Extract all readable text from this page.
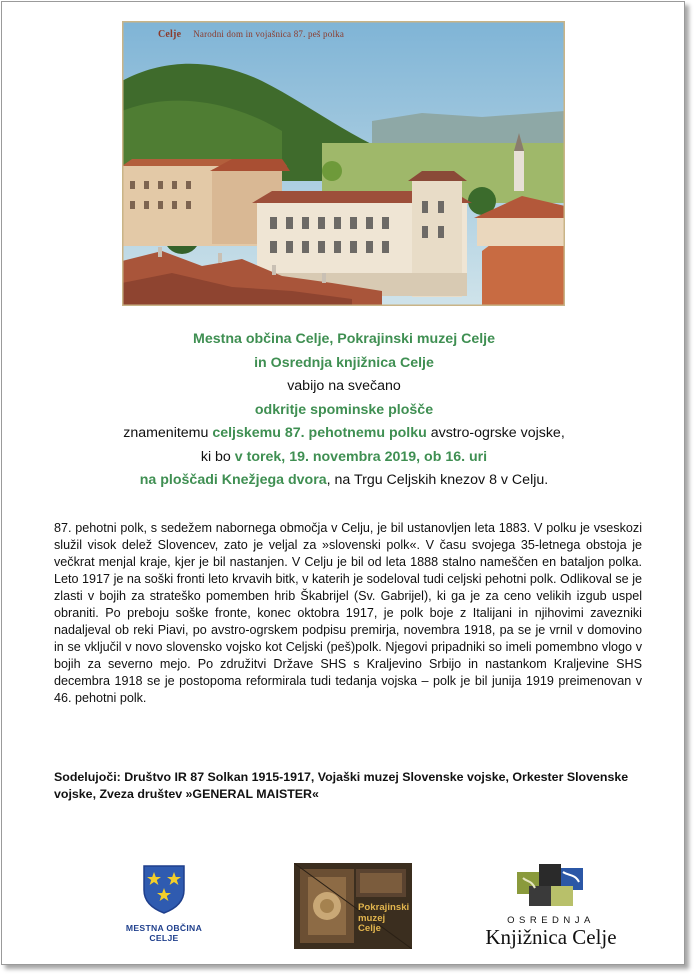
Celje Narodni dom in vojašnica 87. peš polka
Mestna občina Celje, Pokrajinski muzej Celje
in Osrednja knjižnica Celje
vabijo na svečano
odkritje spominske plošče
znamenitemu celjskemu 87. pehotnemu polku avstro-ogrske vojske,
ki bo v torek, 19. novembra 2019, ob 16. uri
na ploščadi Knežjega dvora, na Trgu Celjskih knezov 8 v Celju.

87. pehotni polk, s sedežem nabornega območja v Celju, je bil ustanovljen leta 1883. V polku je vseskozi služil visok delež Slovencev, zato je veljal za »slovenski polk«. V času svojega 35-letnega obstoja je večkrat menjal kraje, kjer je bil nastanjen. V Celju je bil od leta 1888 stalno nameščen en bataljon polka. Leto 1917 je na soški fronti leto krvavih bitk, v katerih je sodeloval tudi celjski pehotni polk. Odlikoval se je zlasti v bojih za strateško pomemben hrib Škabrijel (Sv. Gabrijel), ki ga je za ceno velikih izgub uspel obraniti. Po preboju soške fronte, konec oktobra 1917, je polk boje z Italijani in njihovimi zavezniki nadaljeval ob reki Piavi, po avstro-ogrskem podpisu premirja, novembra 1918, pa se je vrnil v domovino in se vključil v novo slovensko vojsko kot Celjski (peš)polk. Njegovi pripadniki so imeli pomembno vlogo v bojih za severno mejo. Po združitvi Države SHS s Kraljevino Srbijo in nastankom Kraljevine SHS decembra 1918 se je postopoma reformirala tudi tedanja vojska – polk je bil junija 1919 preimenovan v 46. pehotni polk.

Sodelujoči: Društvo IR 87 Solkan 1915-1917, Vojaški muzej Slovenske vojske, Orkester Slovenske vojske, Zveza društev »GENERAL MAISTER«
MESTNA OBČINA CELJE
Pokrajinski
muzej
Celje
OSREDNJA
Knjižnica Celje
